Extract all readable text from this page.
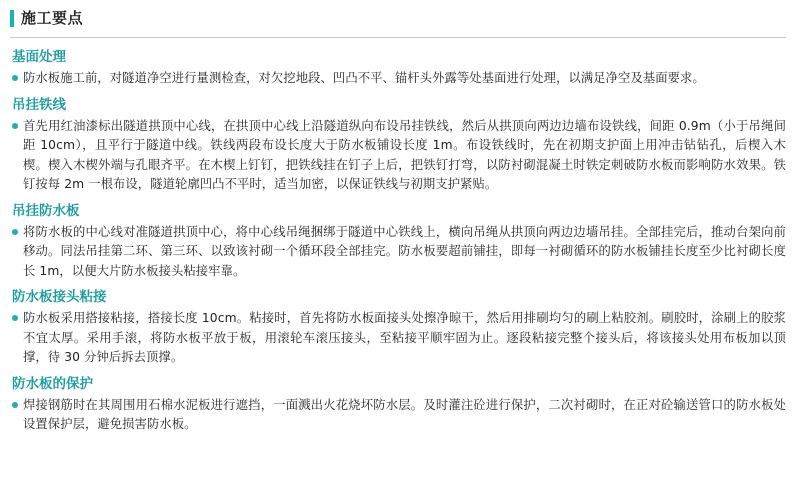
施工要点
基面处理
防水板施工前，对隧道净空进行量测检查，对欠挖地段、凹凸不平、锚杆头外露等处基面进行处理，以满足净空及基面要求。
吊挂铁线
首先用红油漆标出隧道拱顶中心线，在拱顶中心线上沿隧道纵向布设吊挂铁线，然后从拱顶向两边边墙布设铁线，间距 0.9m（小于吊绳间距 10cm），且平行于隧道中线。铁线两段布设长度大于防水板铺设长度 1m。布设铁线时，先在初期支护面上用冲击钻钻孔，后楔入木楔。楔入木楔外端与孔眼齐平。在木楔上钉钉，把铁线挂在钉子上后，把铁钉打弯，以防衬砌混凝土时铁定刺破防水板而影响防水效果。铁钉按每 2m 一根布设，隧道轮廓凹凸不平时，适当加密，以保证铁线与初期支护紧贴。
吊挂防水板
将防水板的中心线对准隧道拱顶中心，将中心线吊绳捆绑于隧道中心铁线上，横向吊绳从拱顶向两边边墙吊挂。全部挂完后，推动台架向前移动。同法吊挂第二环、第三环、以致该衬砌一个循环段全部挂完。防水板要超前铺挂，即每一衬砌循环的防水板铺挂长度至少比衬砌长度长 1m，以便大片防水板接头粘接牢靠。
防水板接头粘接
防水板采用搭接粘接，搭接长度 10cm。粘接时，首先将防水板面接头处擦净晾干，然后用排刷均匀的刷上粘胶剂。刷胶时，涂刷上的胶浆不宜太厚。采用手滚，将防水板平放于板，用滚轮车滚压接头，至粘接平顺牢固为止。逐段粘接完整个接头后，将该接头处用布板加以顶撑，待 30 分钟后拆去顶撑。
防水板的保护
焊接钢筋时在其周围用石棉水泥板进行遮挡，一面溅出火花烧坏防水层。及时灌注砼进行保护，二次衬砌时，在正对砼输送管口的防水板处设置保护层，避免损害防水板。
